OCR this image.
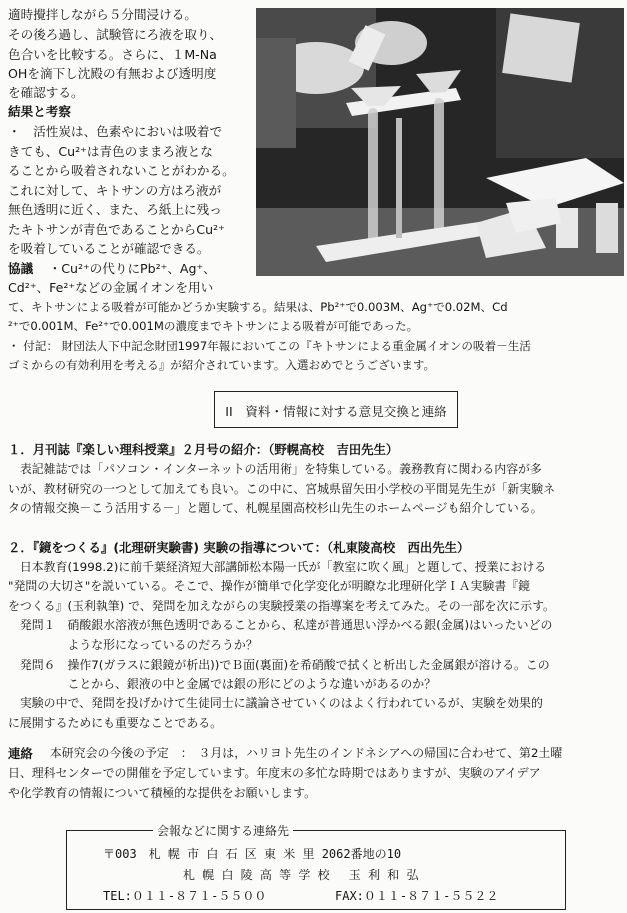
適時攪拌しながら５分間浸ける。
その後ろ過し、試験管にろ液を取り、
色合いを比較する。さらに、１M-Na
OHを滴下し沈殿の有無および透明度
を確認する。
結果と考察
・　活性炭は、色素やにおいは吸着で
きても、Cu²⁺は青色のままろ液とな
ることから吸着されないことがわかる。
これに対して、キトサンの方はろ液が
無色透明に近く、また、ろ紙上に残っ
たキトサンが青色であることからCu²⁺
を吸着していることが確認できる。
協議 　・Cu²⁺の代りにPb²⁺、Ag⁺、
Cd²⁺、Fe²⁺などの金属イオンを用い
て、キトサンによる吸着が可能かどうか実験する。結果は、Pb²⁺で0.003M、Ag⁺で0.02M、Cd
²⁺で0.001M、Fe²⁺で0.001Mの濃度までキトサンによる吸着が可能であった。
・ 付記： 財団法人下中記念財団1997年報においてこの『キトサンによる重金属イオンの吸着－生活
ゴミからの有効利用を考える』が紹介されています。入選おめでとうございます。
II　資料・情報に対する意見交換と連絡
１．月刊誌『楽しい理科授業』２月号の紹介：（野幌高校　吉田先生）
　表記雑誌では「パソコン・インターネットの活用術」を特集している。義務教育に関わる内容が多
いが、教材研究の一つとして加えても良い。この中に、宮城県留矢田小学校の平間晃先生が「新実験ネ
タの情報交換－こう活用する－」と題して、札幌星園高校杉山先生のホームページも紹介している。
２．『鏡をつくる』(北理研実験書) 実験の指導について：（札東陵高校　西出先生）
　日本教育(1998.2)に前千葉経済短大部講師松本陽一氏が「教室に吹く風」と題して、授業における
"発問の大切さ"を説いている。そこで、操作が簡単で化学変化が明瞭な北理研化学ＩＡ実験書『鏡
をつくる』(玉利執筆) で、発問を加えながらの実験授業の指導案を考えてみた。その一部を次に示す。
　発問１　硝酸銀水溶液が無色透明であることから、私達が普通思い浮かべる銀(金属)はいったいどの
　　　　　ような形になっているのだろうか？
　発問６　操作7(ガラスに銀鏡が析出))でＢ面(裏面)を希硝酸で拭くと析出した金属銀が溶ける。この
　　　　　ことから、銀液の中と金属では銀の形にどのような違いがあるのか？
　実験の中で、発問を投げかけて生徒同士に議論させていくのはよく行われているが、実験を効果的
に展開するためにも重要なことである。
連絡 　本研究会の今後の予定　：　３月は，ハリヨト先生のインドネシアへの帰国に合わせて、第2土曜
日、理科センターでの開催を予定しています。年度末の多忙な時期ではありますが、実験のアイデア
や化学教育の情報について積極的な提供をお願いします。
会報などに関する連絡先
〒003　札 幌 市 白 石 区 東 米 里 2062番地の10
札 幌 白 陵 高 等 学 校　 玉 利 和 弘
TEL:０１１-８７１-５５００	FAX:０１１-８７１-５５２２
